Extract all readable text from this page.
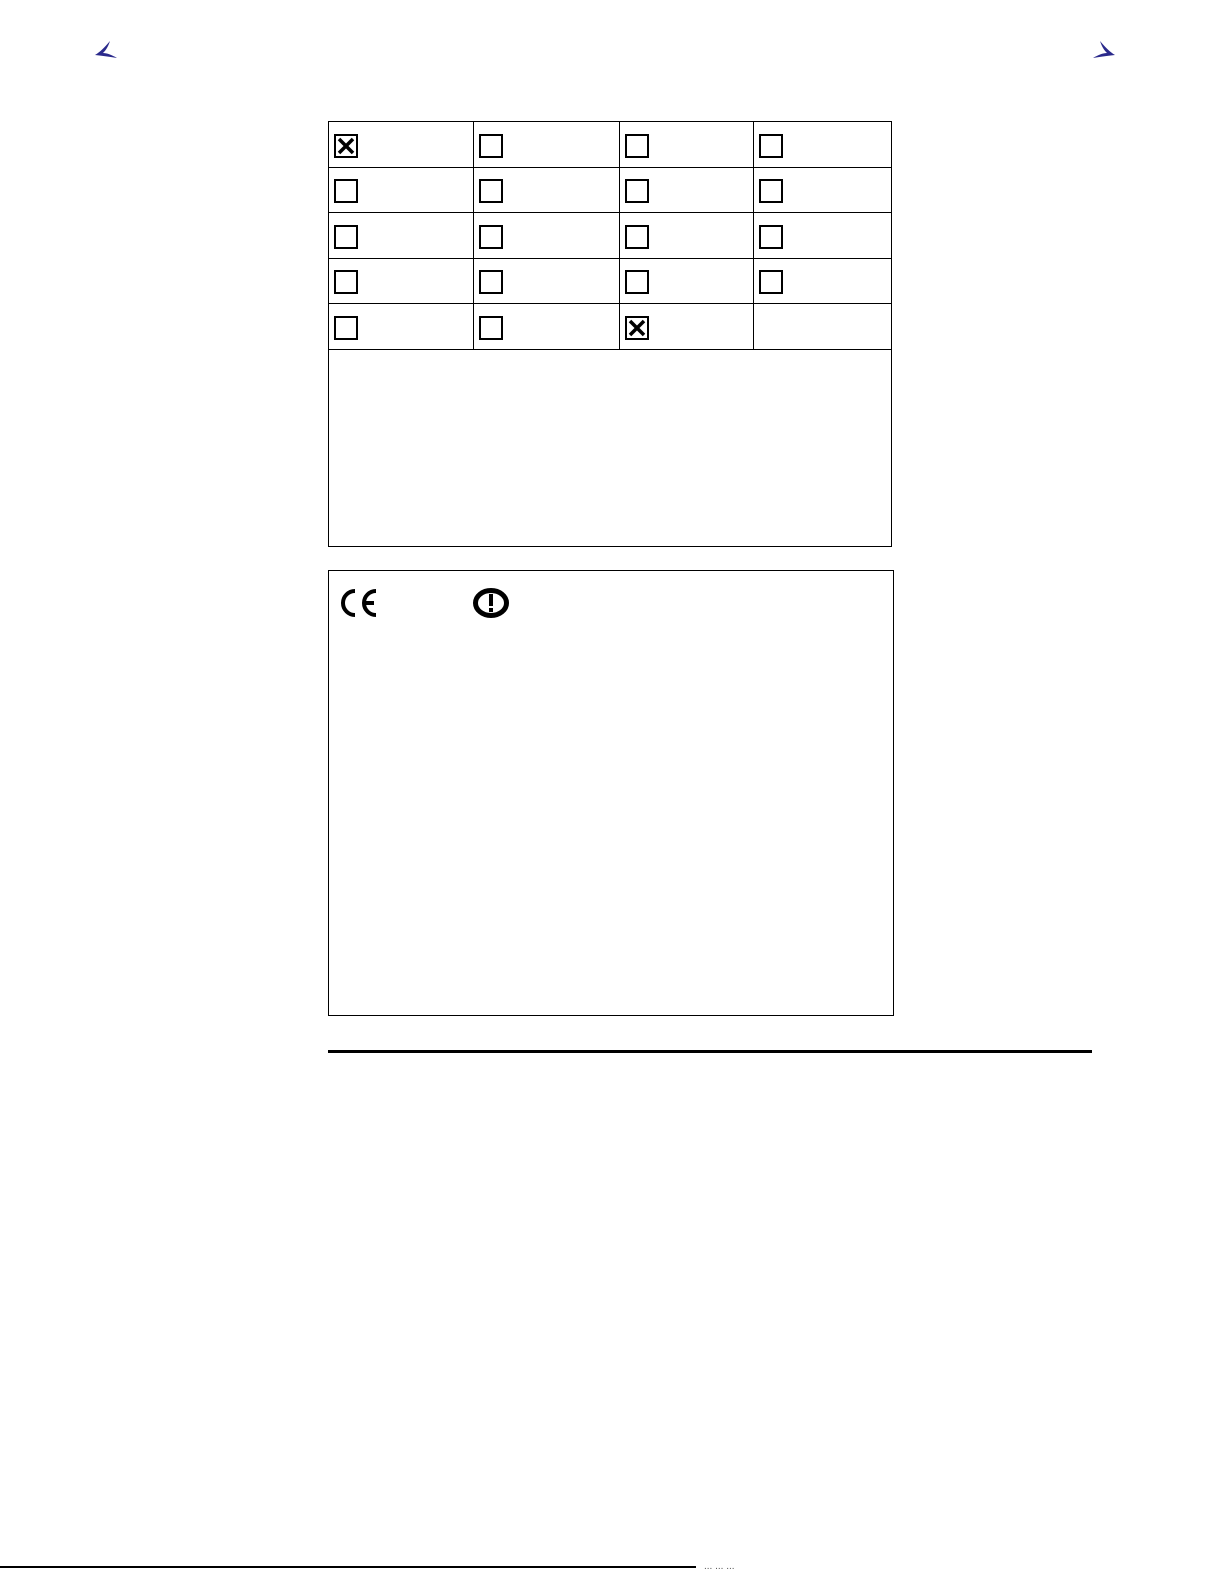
... ... ...
